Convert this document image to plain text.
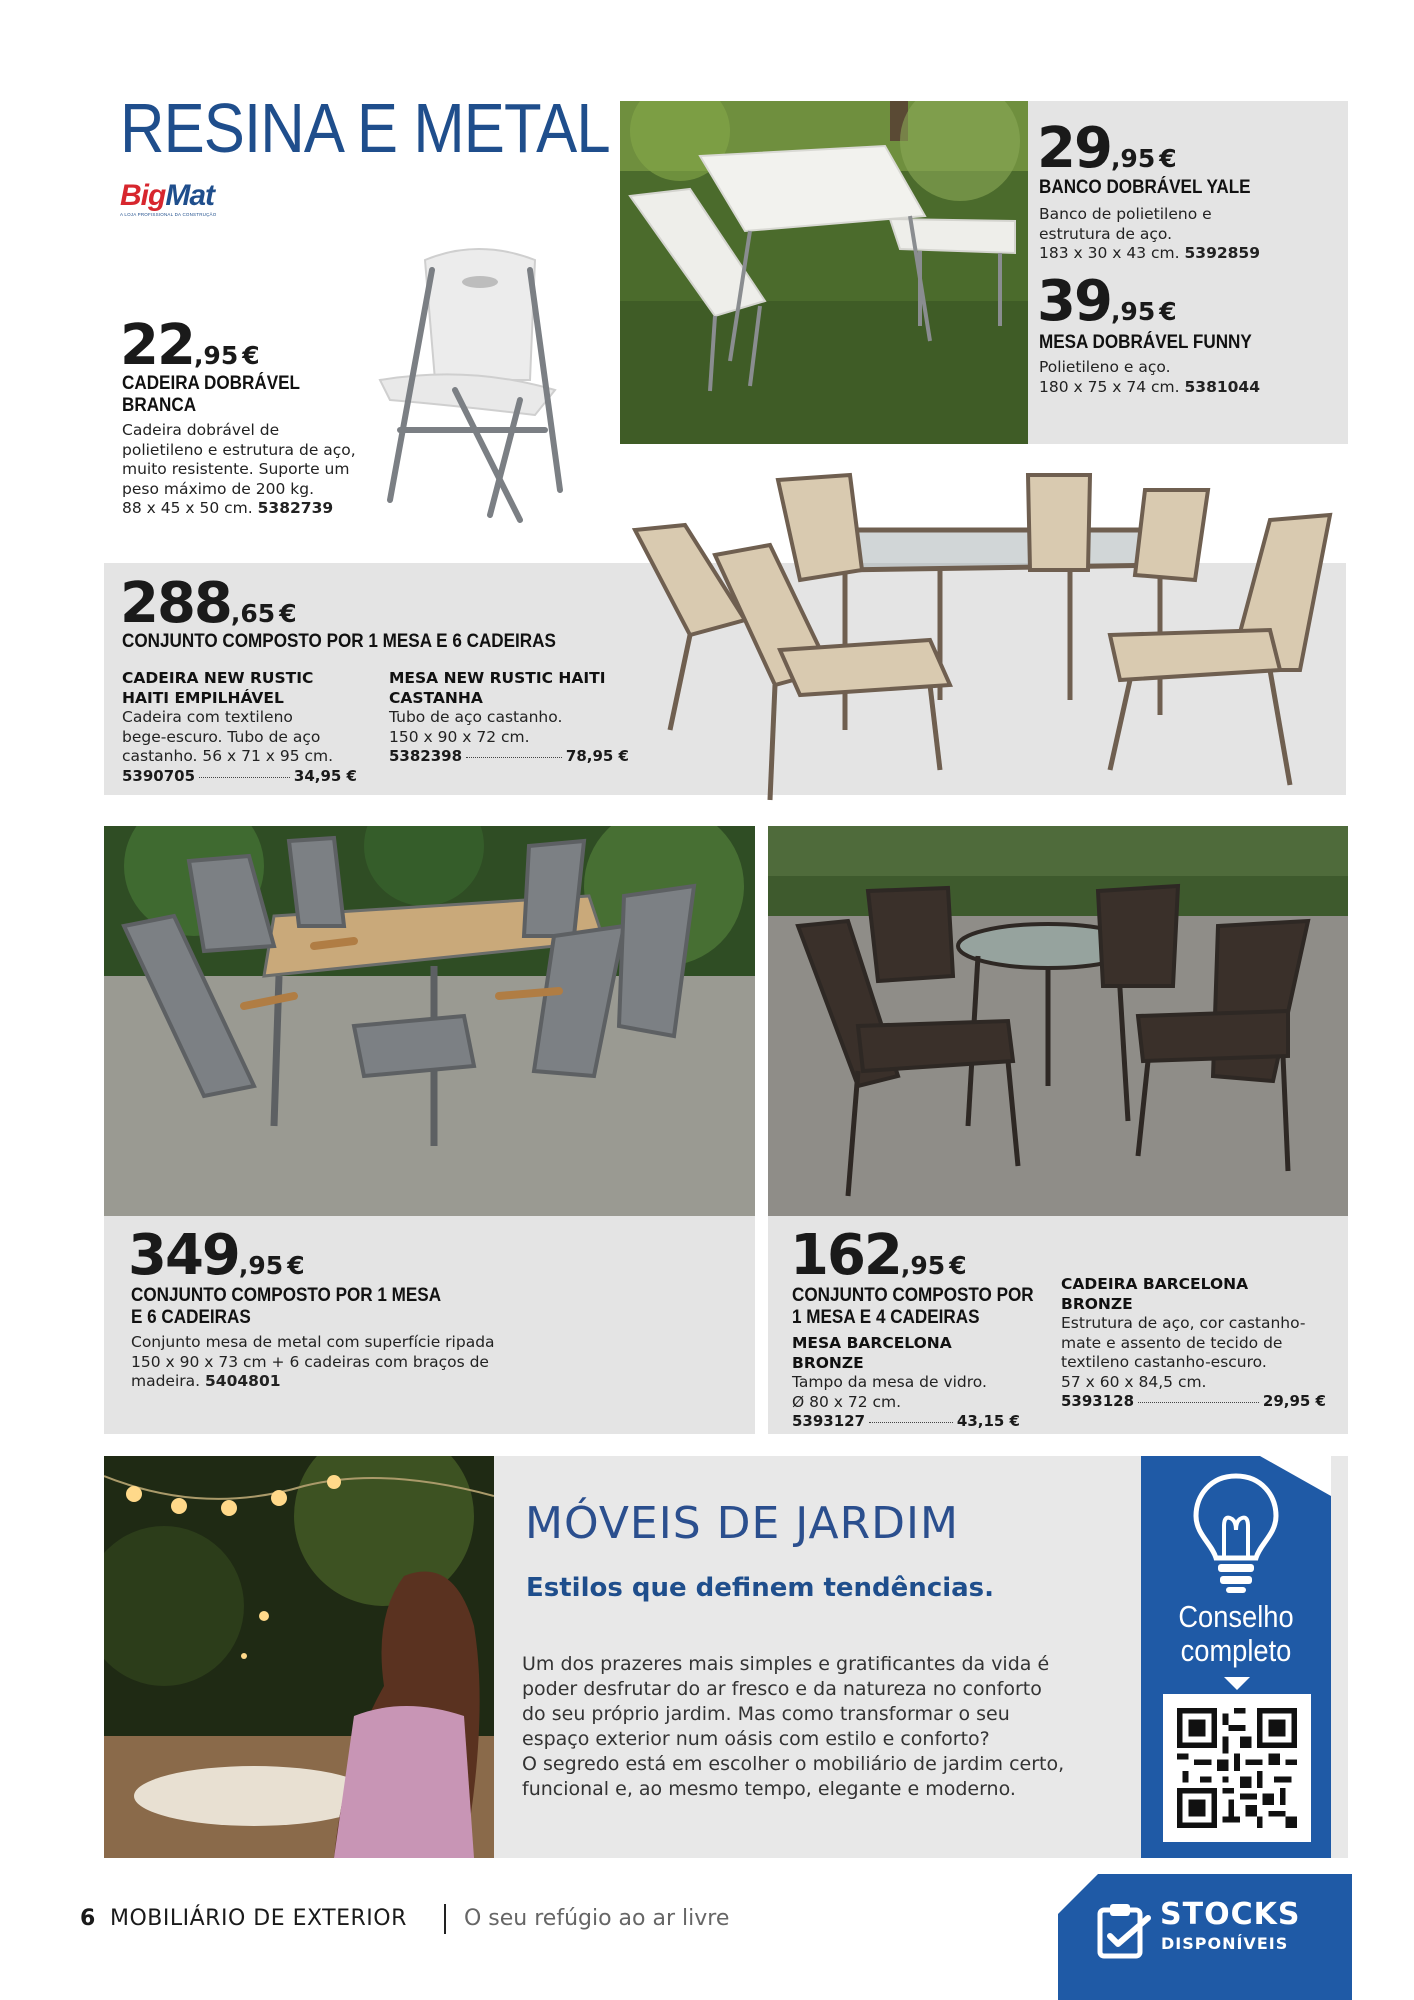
RESINA E METAL
BigMat
A LOJA PROFISSIONAL DA CONSTRUÇÃO
22,95 €
CADEIRA DOBRÁVEL
BRANCA
Cadeira dobrável de
polietileno e estrutura de aço,
muito resistente. Suporte um
peso máximo de 200 kg.
88 x 45 x 50 cm. 5382739
29,95 €
BANCO DOBRÁVEL YALE
Banco de polietileno e
estrutura de aço.
183 x 30 x 43 cm. 5392859
39,95 €
MESA DOBRÁVEL FUNNY
Polietileno e aço.
180 x 75 x 74 cm. 5381044
288,65 €
CONJUNTO COMPOSTO POR 1 MESA E 6 CADEIRAS
CADEIRA NEW RUSTIC
HAITI EMPILHÁVEL
Cadeira com textileno
bege-escuro. Tubo de aço
castanho. 56 x 71 x 95 cm.
5390705	34,95 €
MESA NEW RUSTIC HAITI
CASTANHA
Tubo de aço castanho.
150 x 90 x 72 cm.
5382398	78,95 €
349,95 €
CONJUNTO COMPOSTO POR 1 MESA
E 6 CADEIRAS
Conjunto mesa de metal com superfície ripada
150 x 90 x 73 cm + 6 cadeiras com braços de
madeira. 5404801
162,95 €
CONJUNTO COMPOSTO POR
1 MESA E 4 CADEIRAS
MESA BARCELONA BRONZE
Tampo da mesa de vidro.
Ø 80 x 72 cm.
5393127	43,15 €
CADEIRA BARCELONA
BRONZE
Estrutura de aço, cor castanho-
mate e assento de tecido de
textileno castanho-escuro.
57 x 60 x 84,5 cm.
5393128	29,95 €
MÓVEIS DE JARDIM
Estilos que definem tendências.
Um dos prazeres mais simples e gratificantes da vida é
poder desfrutar do ar fresco e da natureza no conforto
do seu próprio jardim. Mas como transformar o seu
espaço exterior num oásis com estilo e conforto?
O segredo está em escolher o mobiliário de jardim certo,
funcional e, ao mesmo tempo, elegante e moderno.
Conselho
completo
6 MOBILIÁRIO DE EXTERIOR	O seu refúgio ao ar livre	STOCKS
DISPONÍVEIS
